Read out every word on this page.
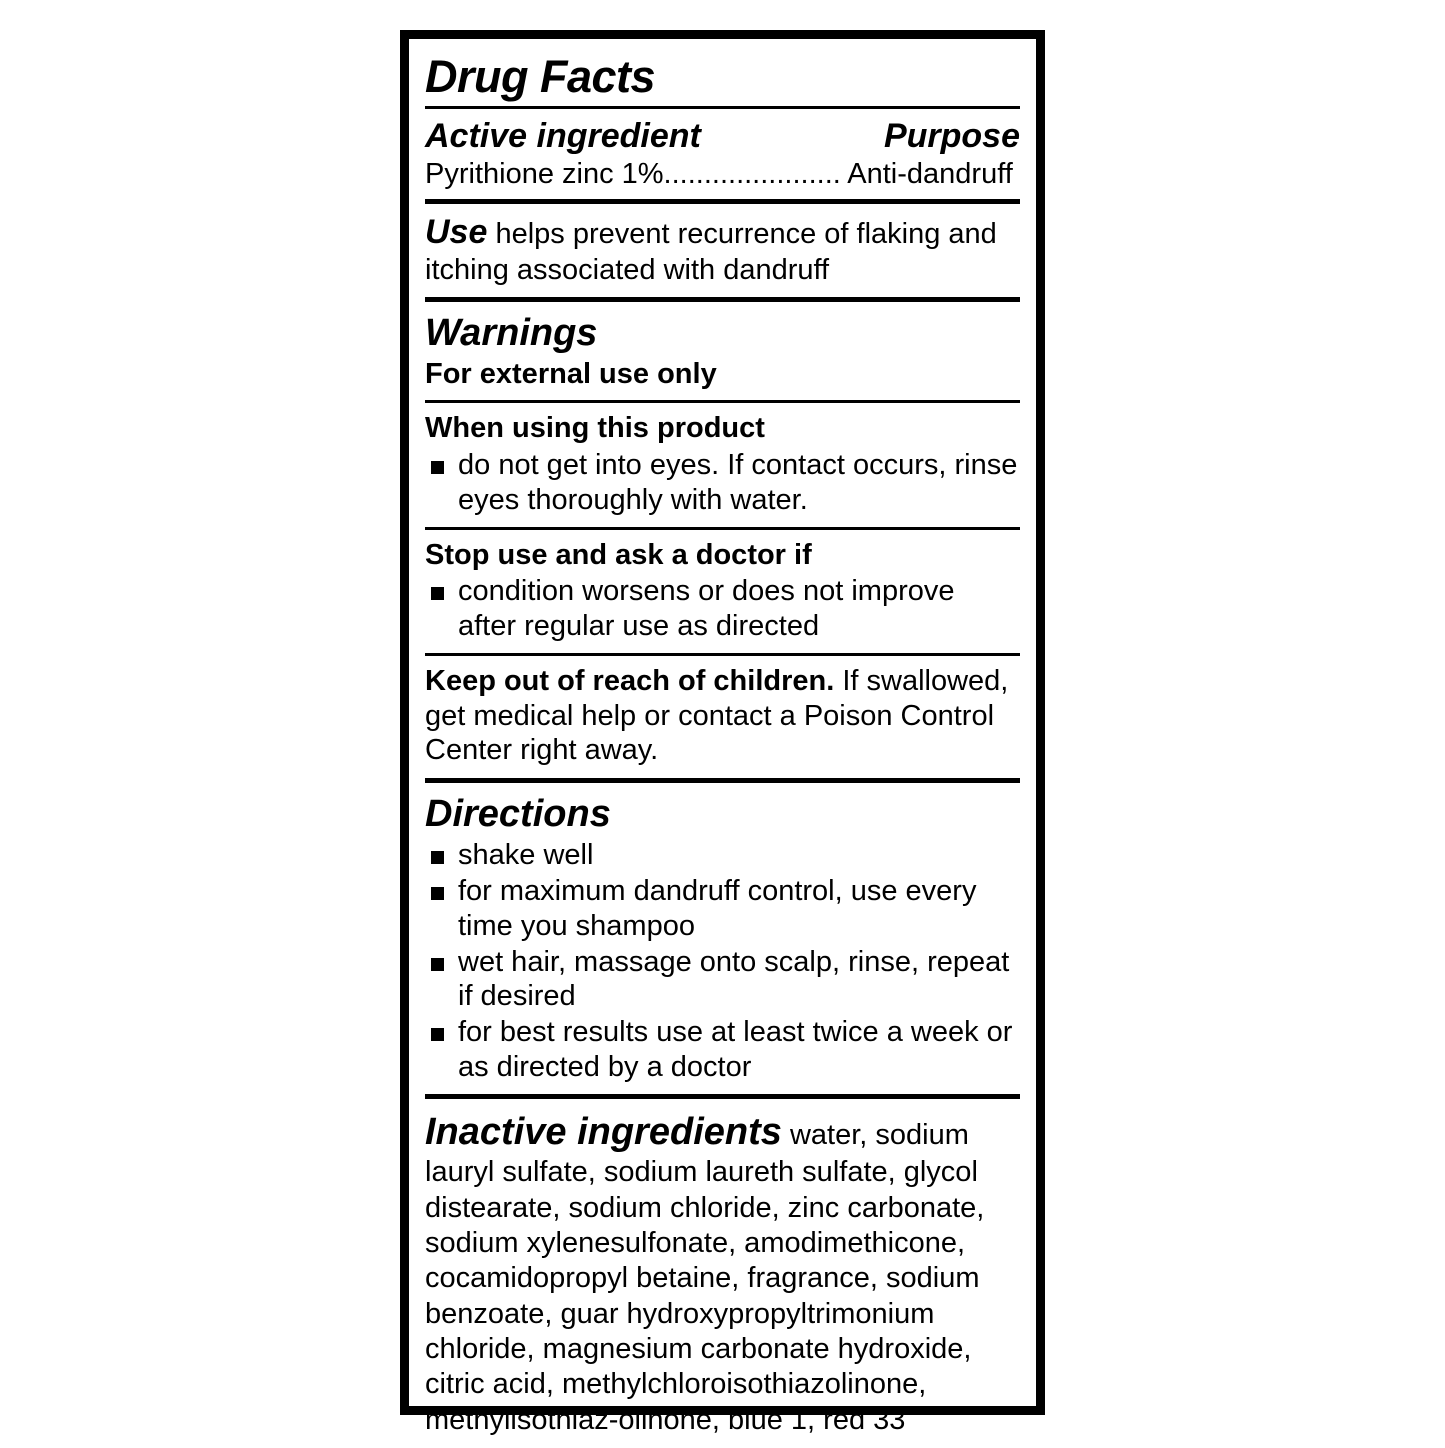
Drug Facts
Active ingredient	Purpose
Pyrithione zinc 1%...................... Anti-dandruff
Use helps prevent recurrence of flaking and itching associated with dandruff
Warnings
For external use only
When using this product
do not get into eyes. If contact occurs, rinse eyes thoroughly with water.
Stop use and ask a doctor if
condition worsens or does not improve after regular use as directed
Keep out of reach of children. If swallowed, get medical help or contact a Poison Control Center right away.
Directions
shake well
for maximum dandruff control, use every time you shampoo
wet hair, massage onto scalp, rinse, repeat if desired
for best results use at least twice a week or as directed by a doctor
Inactive ingredients water, sodium lauryl sulfate, sodium laureth sulfate, glycol distearate, sodium chloride, zinc carbonate, sodium xylenesulfonate, amodimethicone, cocamidopropyl betaine, fragrance, sodium benzoate, guar hydroxypropyltrimonium chloride, magnesium carbonate hydroxide, citric acid, methylchloroisothiazolinone, methylisothiaz-olinone, blue 1, red 33
